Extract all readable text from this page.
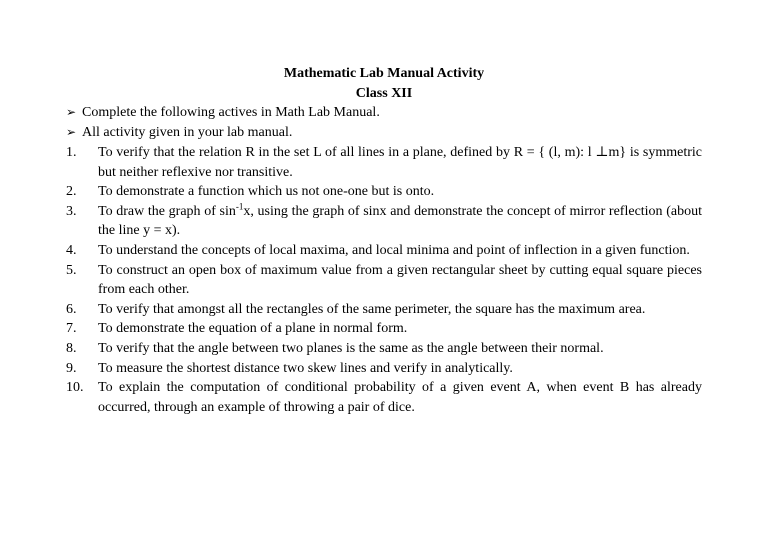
Mathematic Lab Manual Activity
Class XII
➢ Complete the following actives in Math Lab Manual.
➢ All activity given in your lab manual.
1.	To verify that the relation R in the set L of all lines in a plane, defined by R = { (l, m): l ⊥m} is symmetric but neither reflexive nor transitive.
2.	To demonstrate a function which us not one-one but is onto.
3.	To draw the graph of $\sin^{-1}x$, using the graph of sinx and demonstrate the concept of mirror reflection (about the line y = x).
4.	To understand the concepts of local maxima, and local minima and point of inflection in a given function.
5.	To construct an open box of maximum value from a given rectangular sheet by cutting equal square pieces from each other.
6.	To verify that amongst all the rectangles of the same perimeter, the square has the maximum area.
7.	To demonstrate the equation of a plane in normal form.
8.	To verify that the angle between two planes is the same as the angle between their normal.
9.	To measure the shortest distance two skew lines and verify in analytically.
10.	To explain the computation of conditional probability of a given event A, when event B has already occurred, through an example of throwing a pair of dice.
